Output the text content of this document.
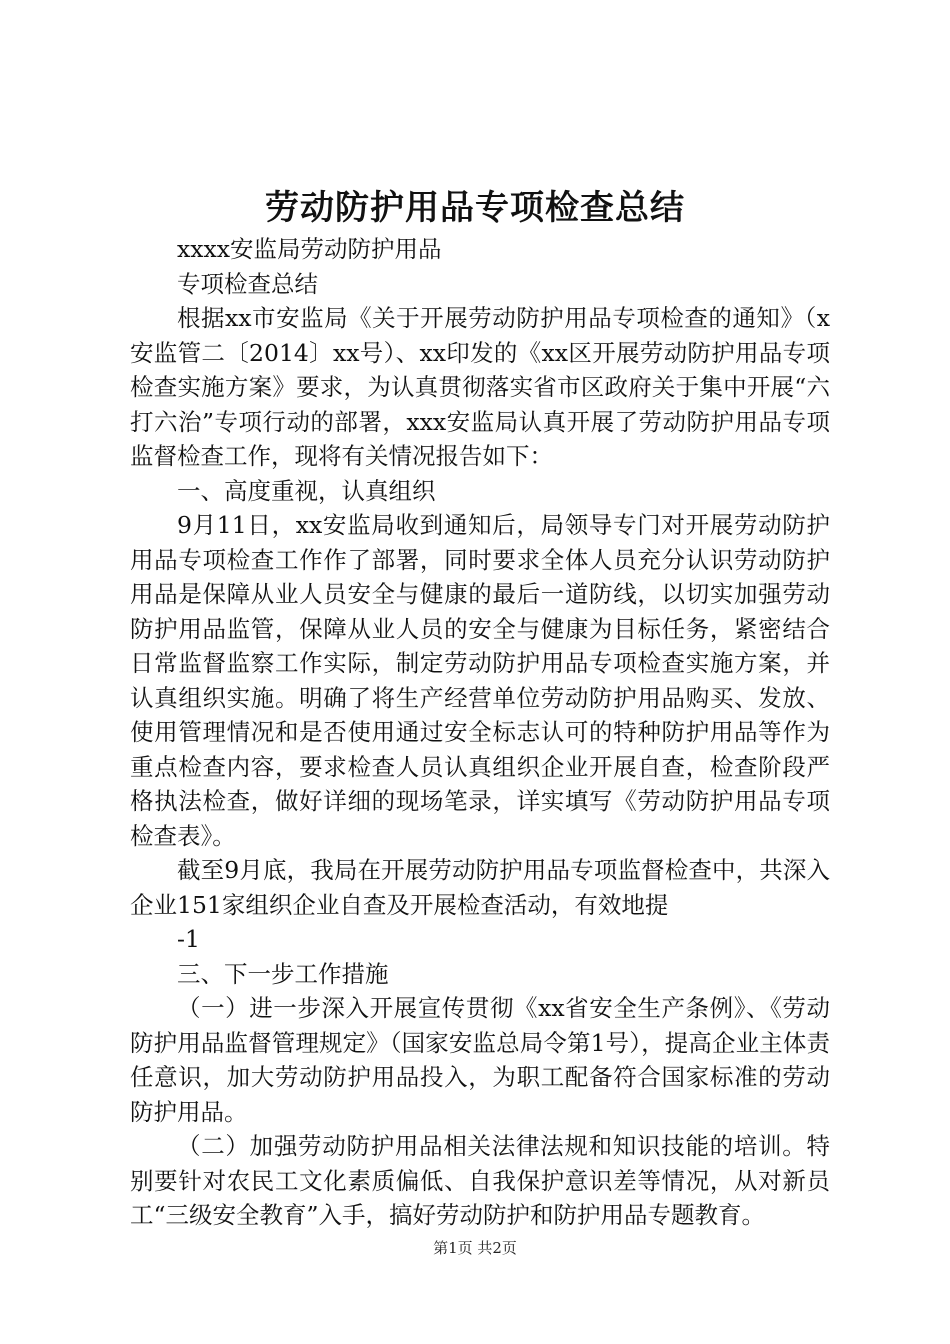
劳动防护用品专项检查总结

xxxx安监局劳动防护用品

专项检查总结

根据xx市安监局《关于开展劳动防护用品专项检查的通知》（x安监管二〔2014〕xx号）、xx印发的《xx区开展劳动防护用品专项检查实施方案》要求，为认真贯彻落实省市区政府关于集中开展“六打六治”专项行动的部署，xxx安监局认真开展了劳动防护用品专项监督检查工作，现将有关情况报告如下：

一、高度重视，认真组织

9月11日，xx安监局收到通知后，局领导专门对开展劳动防护用品专项检查工作作了部署，同时要求全体人员充分认识劳动防护用品是保障从业人员安全与健康的最后一道防线，以切实加强劳动防护用品监管，保障从业人员的安全与健康为目标任务，紧密结合日常监督监察工作实际，制定劳动防护用品专项检查实施方案，并认真组织实施。明确了将生产经营单位劳动防护用品购买、发放、使用管理情况和是否使用通过安全标志认可的特种防护用品等作为重点检查内容，要求检查人员认真组织企业开展自查，检查阶段严格执法检查，做好详细的现场笔录，详实填写《劳动防护用品专项检查表》。

截至9月底，我局在开展劳动防护用品专项监督检查中，共深入企业151家组织企业自查及开展检查活动，有效地提

-1

三、下一步工作措施

（一）进一步深入开展宣传贯彻《xx省安全生产条例》、《劳动防护用品监督管理规定》（国家安监总局令第1号），提高企业主体责任意识，加大劳动防护用品投入，为职工配备符合国家标准的劳动防护用品。

（二）加强劳动防护用品相关法律法规和知识技能的培训。特别要针对农民工文化素质偏低、自我保护意识差等情况，从对新员工“三级安全教育”入手，搞好劳动防护和防护用品专题教育。

第1页 共2页
